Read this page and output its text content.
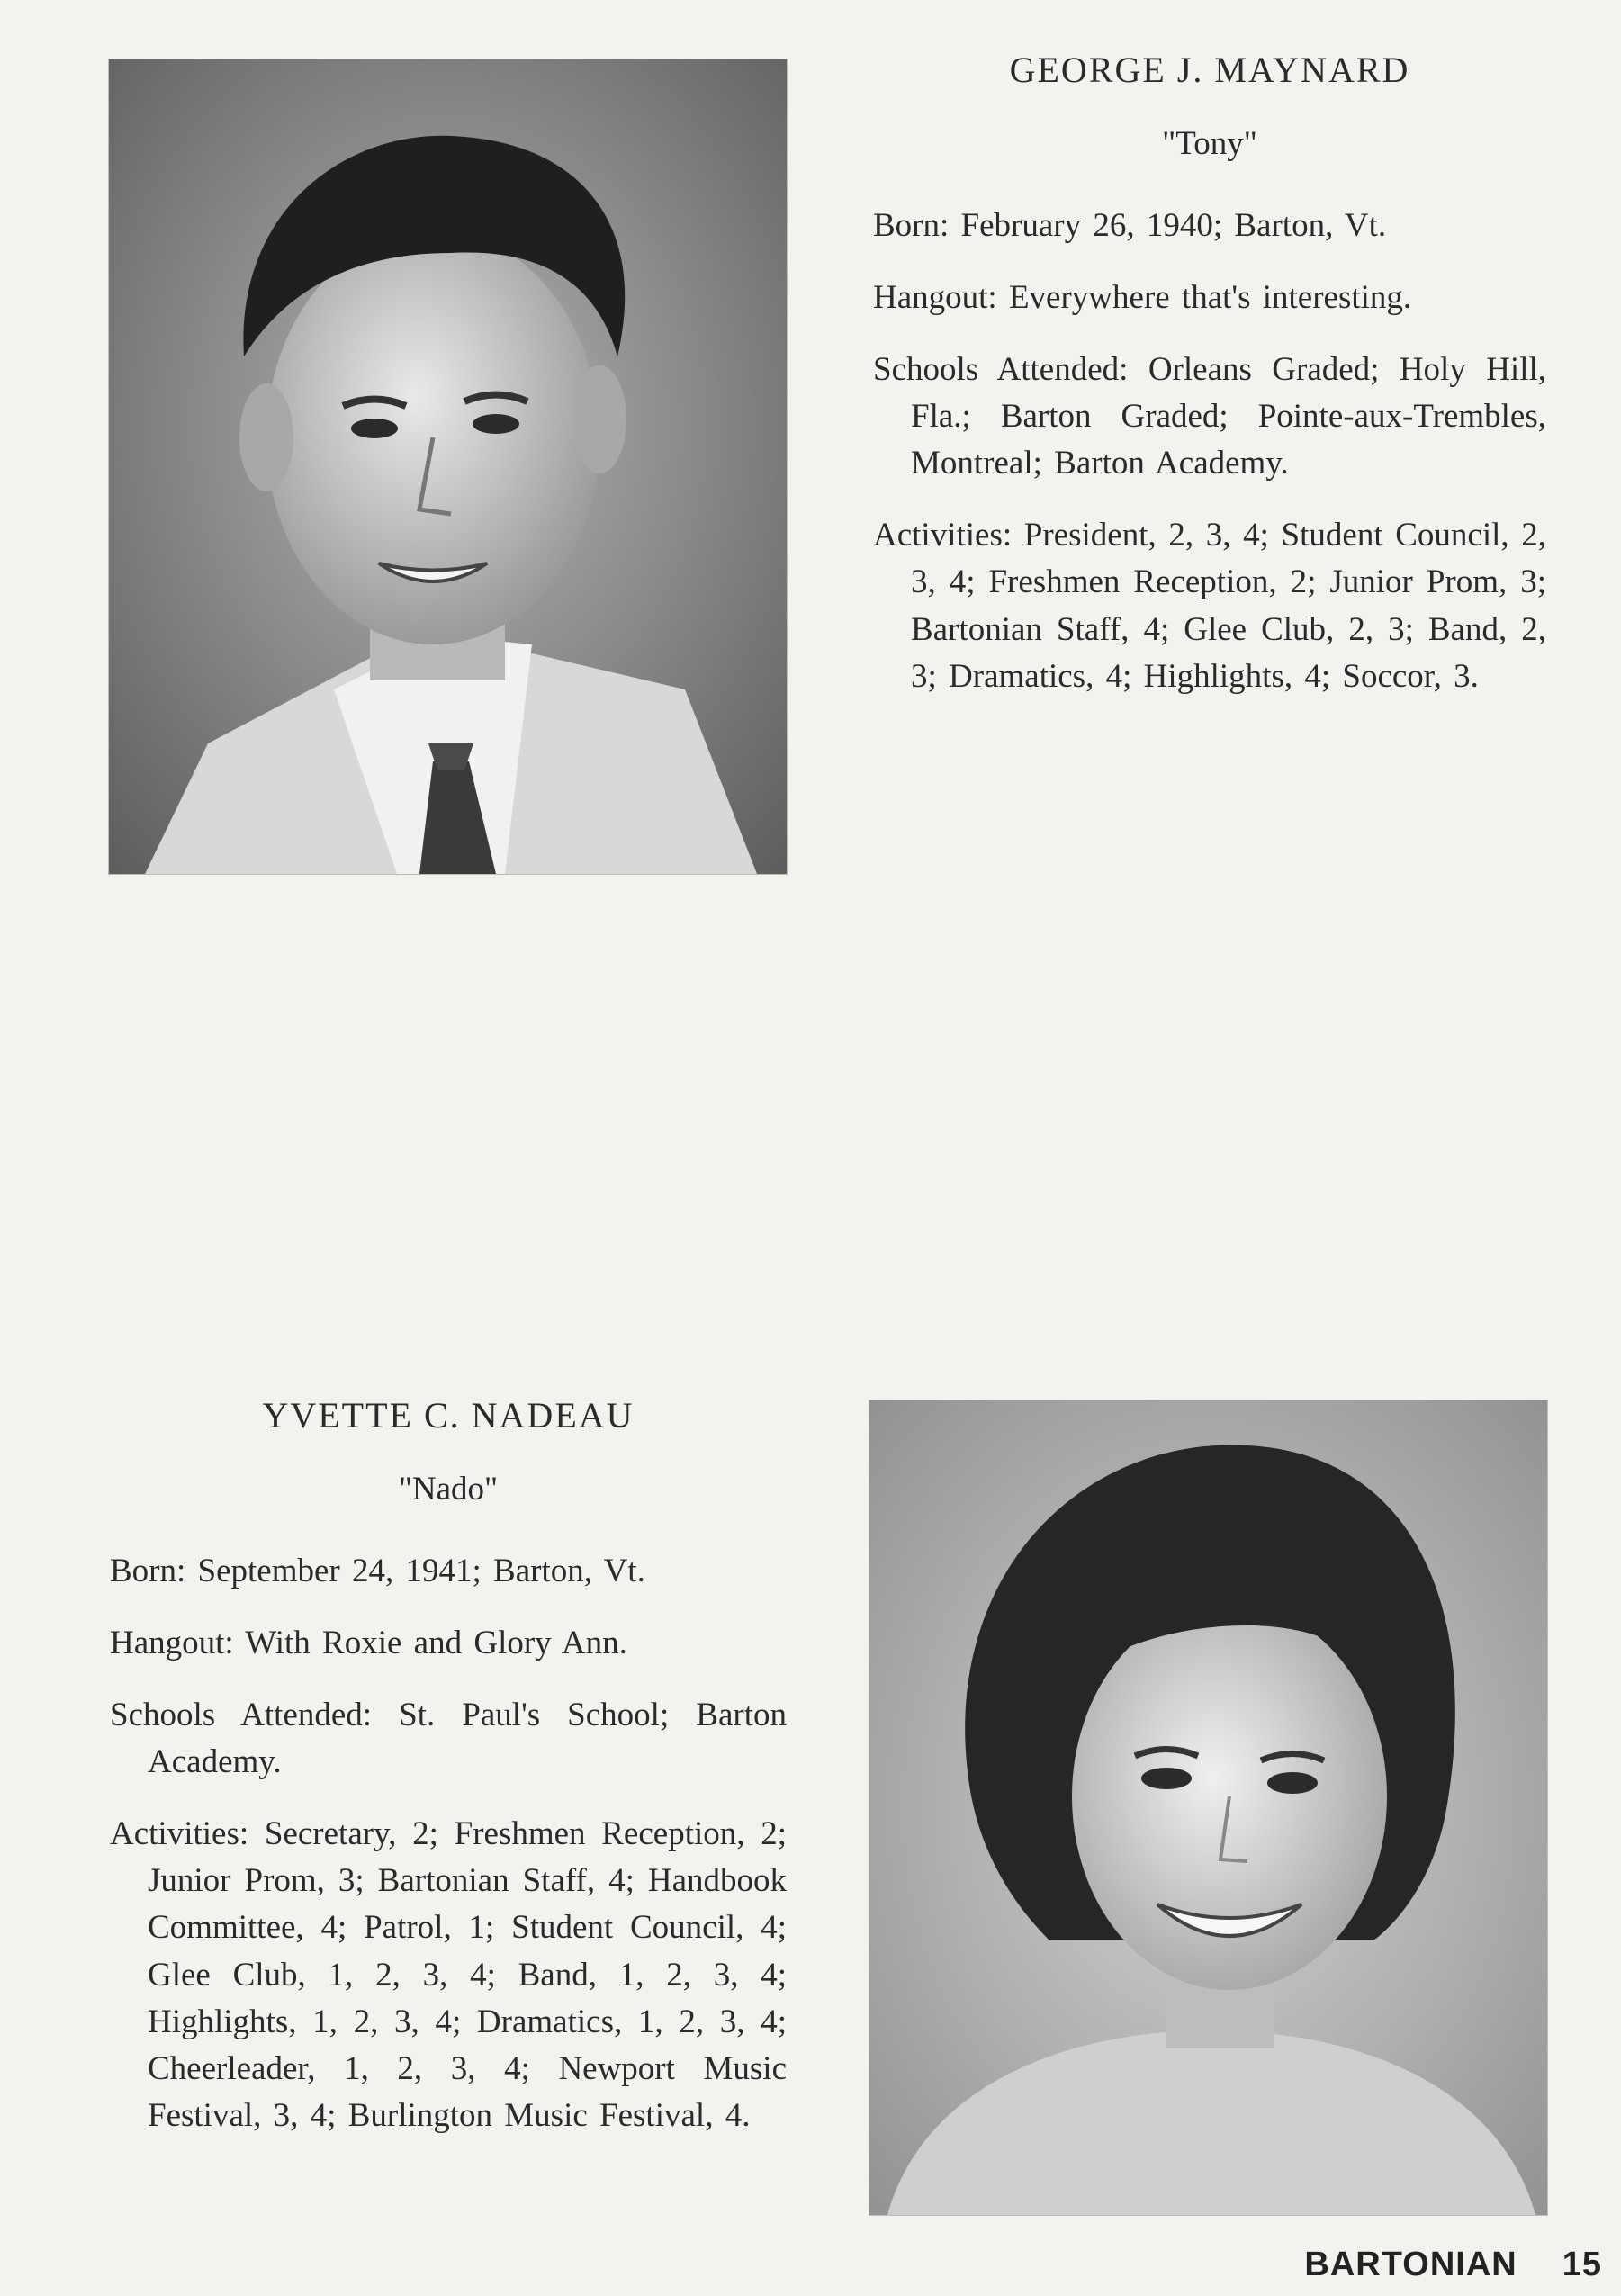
GEORGE J. MAYNARD
"Tony"

Born: February 26, 1940; Barton, Vt.

Hangout: Everywhere that's interesting.

Schools Attended: Orleans Graded; Holy Hill, Fla.; Barton Graded; Pointe-aux-Trembles, Montreal; Barton Academy.

Activities: President, 2, 3, 4; Student Council, 2, 3, 4; Freshmen Reception, 2; Junior Prom, 3; Bartonian Staff, 4; Glee Club, 2, 3; Band, 2, 3; Dramatics, 4; Highlights, 4; Soccor, 3.

YVETTE C. NADEAU
"Nado"

Born: September 24, 1941; Barton, Vt.

Hangout: With Roxie and Glory Ann.

Schools Attended: St. Paul's School; Barton Academy.

Activities: Secretary, 2; Freshmen Reception, 2; Junior Prom, 3; Bartonian Staff, 4; Handbook Committee, 4; Patrol, 1; Student Council, 4; Glee Club, 1, 2, 3, 4; Band, 1, 2, 3, 4; Highlights, 1, 2, 3, 4; Dramatics, 1, 2, 3, 4; Cheerleader, 1, 2, 3, 4; Newport Music Festival, 3, 4; Burlington Music Festival, 4.

BARTONIAN 15
